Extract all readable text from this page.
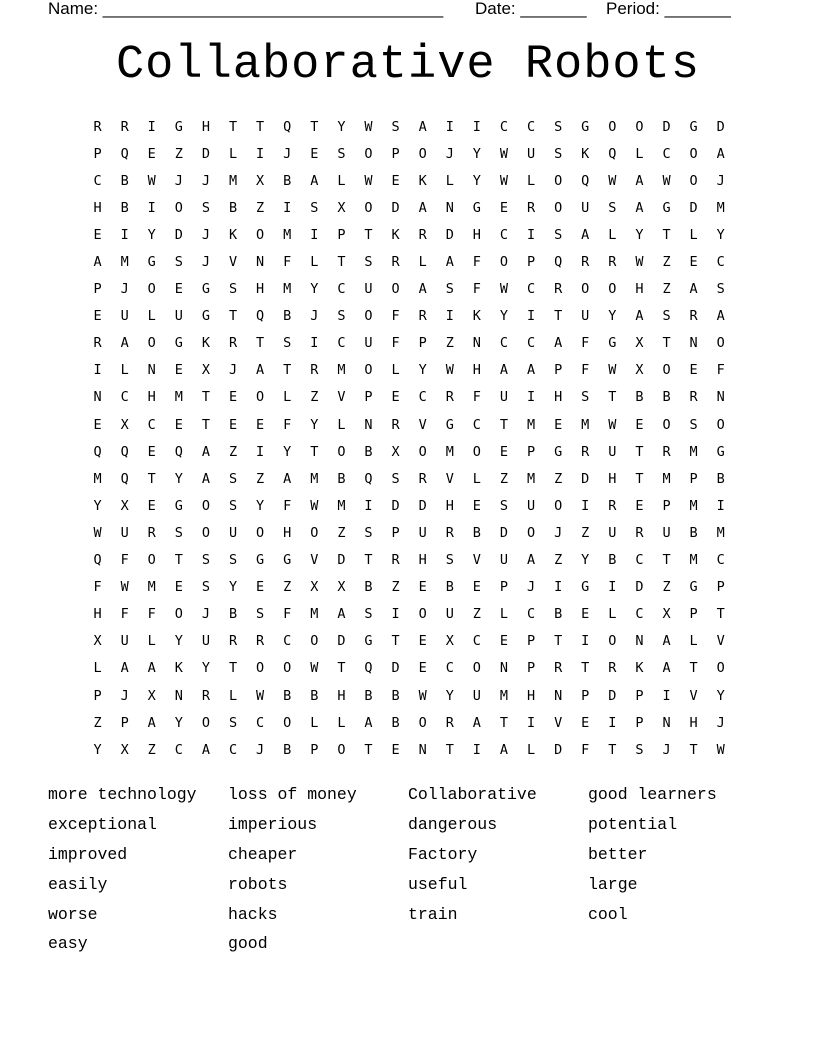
Name: ____________________________________ Date: _______ Period: _______
Collaborative Robots
R	R	I	G	H	T	T	Q	T	Y	W	S	A	I	I	C	C	S	G	O	O	D	G	D
P	Q	E	Z	D	L	I	J	E	S	O	P	O	J	Y	W	U	S	K	Q	L	C	O	A
C	B	W	J	J	M	X	B	A	L	W	E	K	L	Y	W	L	O	Q	W	A	W	O	J
H	B	I	O	S	B	Z	I	S	X	O	D	A	N	G	E	R	O	U	S	A	G	D	M
E	I	Y	D	J	K	O	M	I	P	T	K	R	D	H	C	I	S	A	L	Y	T	L	Y
A	M	G	S	J	V	N	F	L	T	S	R	L	A	F	O	P	Q	R	R	W	Z	E	C
P	J	O	E	G	S	H	M	Y	C	U	O	A	S	F	W	C	R	O	O	H	Z	A	S
E	U	L	U	G	T	Q	B	J	S	O	F	R	I	K	Y	I	T	U	Y	A	S	R	A
R	A	O	G	K	R	T	S	I	C	U	F	P	Z	N	C	C	A	F	G	X	T	N	O
I	L	N	E	X	J	A	T	R	M	O	L	Y	W	H	A	A	P	F	W	X	O	E	F
N	C	H	M	T	E	O	L	Z	V	P	E	C	R	F	U	I	H	S	T	B	B	R	N
E	X	C	E	T	E	E	F	Y	L	N	R	V	G	C	T	M	E	M	W	E	O	S	O
Q	Q	E	Q	A	Z	I	Y	T	O	B	X	O	M	O	E	P	G	R	U	T	R	M	G
M	Q	T	Y	A	S	Z	A	M	B	Q	S	R	V	L	Z	M	Z	D	H	T	M	P	B
Y	X	E	G	O	S	Y	F	W	M	I	D	D	H	E	S	U	O	I	R	E	P	M	I
W	U	R	S	O	U	O	H	O	Z	S	P	U	R	B	D	O	J	Z	U	R	U	B	M
Q	F	O	T	S	S	G	G	V	D	T	R	H	S	V	U	A	Z	Y	B	C	T	M	C
F	W	M	E	S	Y	E	Z	X	X	B	Z	E	B	E	P	J	I	G	I	D	Z	G	P
H	F	F	O	J	B	S	F	M	A	S	I	O	U	Z	L	C	B	E	L	C	X	P	T
X	U	L	Y	U	R	R	C	O	D	G	T	E	X	C	E	P	T	I	O	N	A	L	V
L	A	A	K	Y	T	O	O	W	T	Q	D	E	C	O	N	P	R	T	R	K	A	T	O
P	J	X	N	R	L	W	B	B	H	B	B	W	Y	U	M	H	N	P	D	P	I	V	Y
Z	P	A	Y	O	S	C	O	L	L	A	B	O	R	A	T	I	V	E	I	P	N	H	J
Y	X	Z	C	A	C	J	B	P	O	T	E	N	T	I	A	L	D	F	T	S	J	T	W
more technology	loss of money	Collaborative	good learners
exceptional	imperious	dangerous	potential
improved	cheaper	Factory	better
easily	robots	useful	large
worse	hacks	train	cool
easy	good
